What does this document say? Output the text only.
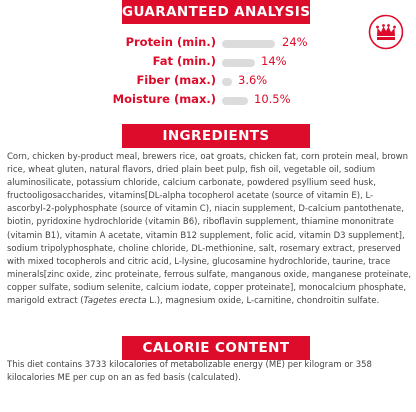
GUARANTEED ANALYSIS
Protein (min.)	24%
Fat (min.)	14%
Fiber (max.) 3.6%
Moisture (max.)	10.5%
INGREDIENTS

Corn, chicken by-product meal, brewers rice, oat groats, chicken fat, corn protein meal, brown rice, wheat gluten, natural flavors, dried plain beet pulp, fish oil, vegetable oil, sodium aluminosilicate, potassium chloride, calcium carbonate, powdered psyllium seed husk, fructooligosaccharides, vitamins[DL-alpha tocopherol acetate (source of vitamin E), L-ascorbyl-2-polyphosphate (source of vitamin C), niacin supplement, D-calcium pantothenate, biotin, pyridoxine hydrochloride (vitamin B6), riboflavin supplement, thiamine mononitrate (vitamin B1), vitamin A acetate, vitamin B12 supplement, folic acid, vitamin D3 supplement], sodium tripolyphosphate, choline chloride, DL-methionine, salt, rosemary extract, preserved with mixed tocopherols and citric acid, L-lysine, glucosamine hydrochloride, taurine, trace minerals[zinc oxide, zinc proteinate, ferrous sulfate, manganous oxide, manganese proteinate, copper sulfate, sodium selenite, calcium iodate, copper proteinate], monocalcium phosphate, marigold extract (Tagetes erecta L.), magnesium oxide, L-carnitine, chondroitin sulfate.

CALORIE CONTENT

This diet contains 3733 kilocalories of metabolizable energy (ME) per kilogram or 358 kilocalories ME per cup on an as fed basis (calculated).
